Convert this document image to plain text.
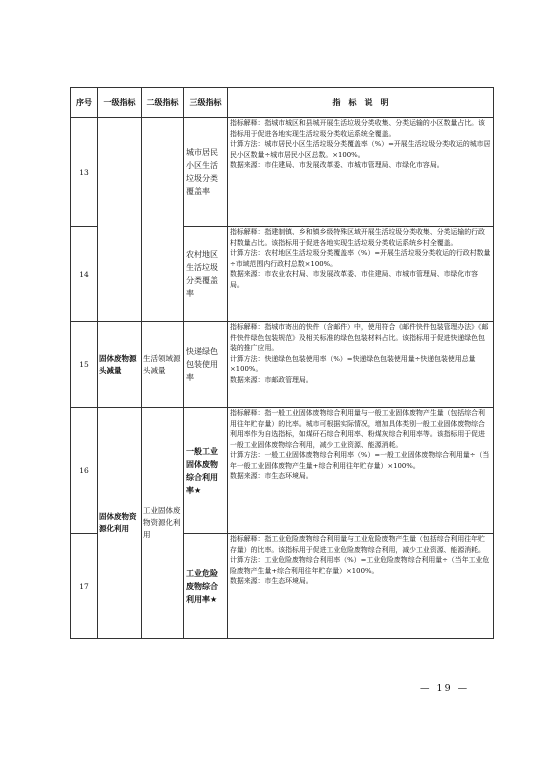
序号	一级指标	二级指标	三级指标	指　标　说　明
13			城市居民小区生活垃圾分类覆盖率	指标解释：指城市城区和县城开展生活垃圾分类收集、分类运输的小区数量占比。该指标用于促进各地实现生活垃圾分类收运系统全覆盖。

计算方法：城市居民小区生活垃圾分类覆盖率（%）=开展生活垃圾分类收运的城市居民小区数量÷城市居民小区总数。×100%。

数据来源：市住建局、市发展改革委、市城市管理局、市绿化市容局。

14			农村地区生活垃圾分类覆盖率	指标解释：指建制镇、乡和镇乡级特殊区域开展生活垃圾分类收集、分类运输的行政村数量占比。该指标用于促进各地实现生活垃圾分类收运系统乡村全覆盖。

计算方法：农村地区生活垃圾分类覆盖率（%）=开展生活垃圾分类收运的行政村数量÷市域范围内行政村总数×100%。

数据来源：市农业农村局、市发展改革委、市住建局、市城市管理局、市绿化市容局。

15	固体废物源头减量	生活领域源头减量	快递绿色包装使用率	指标解释：指城市寄出的快件（含邮件）中，使用符合《邮件快件包装管理办法》《邮件快件绿色包装规范》及相关标准的绿色包装材料占比。该指标用于促进快递绿色包装的推广应用。

计算方法：快递绿色包装使用率（%）=快递绿色包装使用量÷快递包装使用总量×100%。

数据来源：市邮政管理局。

16	固体废物资源化利用	工业固体废物资源化利用	一般工业固体废物综合利用率★	指标解释：指一般工业固体废物综合利用量与一般工业固体废物产生量（包括综合利用往年贮存量）的比率。城市可根据实际情况，增加具体类别一般工业固体废物综合利用率作为自选指标，如煤矸石综合利用率、粉煤灰综合利用率等。该指标用于促进一般工业固体废物综合利用，减少工业资源、能源消耗。

计算方法：一般工业固体废物综合利用率（%）=一般工业固体废物综合利用量÷（当年一般工业固体废物产生量+综合利用往年贮存量）×100%。

数据来源：市生态环境局。

17			工业危险废物综合利用率★	指标解释：指工业危险废物综合利用量与工业危险废物产生量（包括综合利用往年贮存量）的比率。该指标用于促进工业危险废物综合利用，减少工业资源、能源消耗。

计算方法：工业危险废物综合利用率（%）=工业危险废物综合利用量÷（当年工业危险废物产生量+综合利用往年贮存量）×100%。

数据来源：市生态环境局。

— 19 —
